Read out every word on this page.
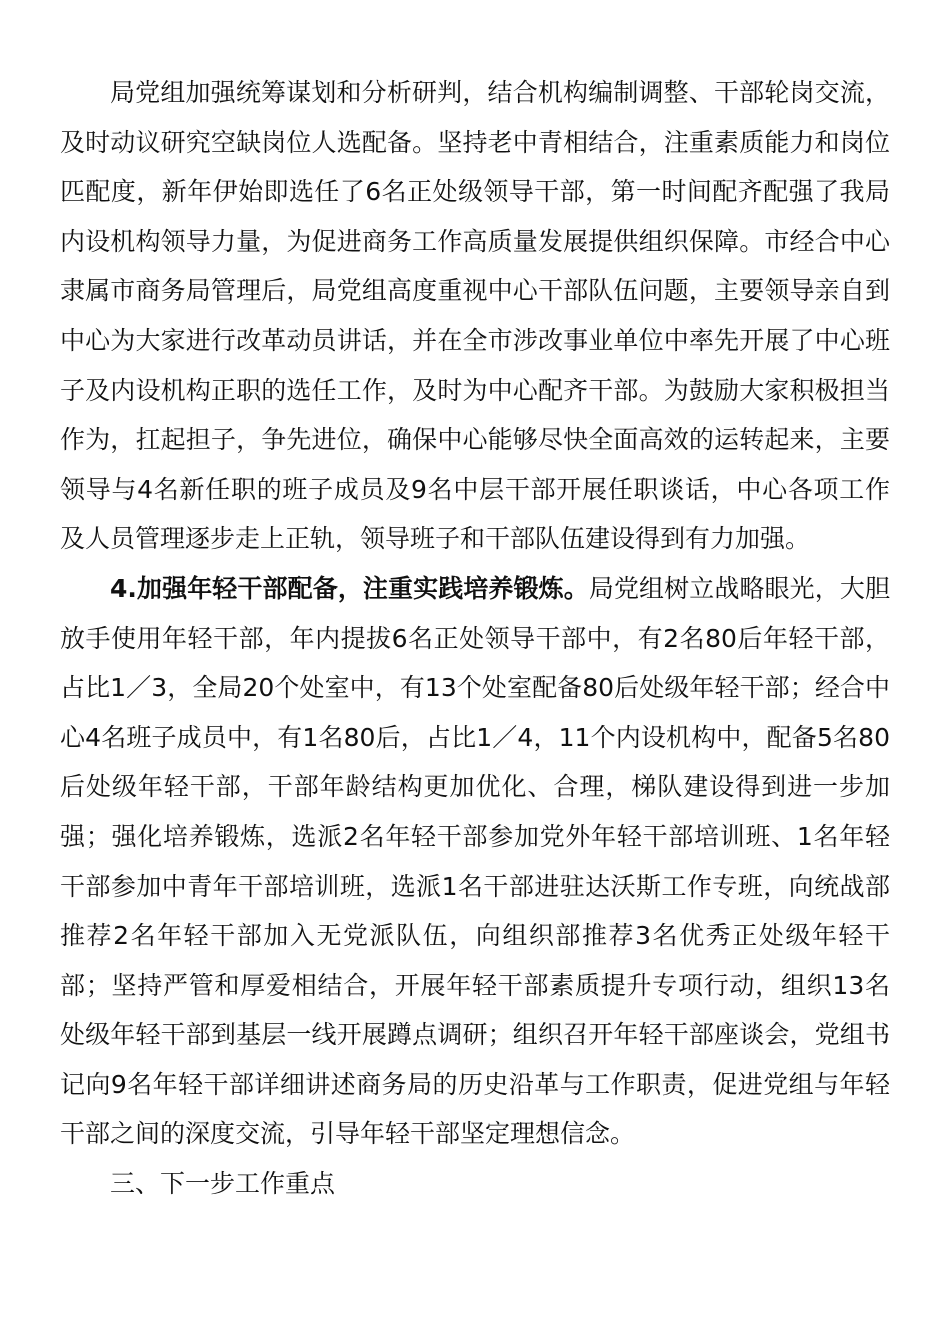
局党组加强统筹谋划和分析研判，结合机构编制调整、干部轮岗交流，及时动议研究空缺岗位人选配备。坚持老中青相结合，注重素质能力和岗位匹配度，新年伊始即选任了6名正处级领导干部，第一时间配齐配强了我局内设机构领导力量，为促进商务工作高质量发展提供组织保障。市经合中心隶属市商务局管理后，局党组高度重视中心干部队伍问题，主要领导亲自到中心为大家进行改革动员讲话，并在全市涉改事业单位中率先开展了中心班子及内设机构正职的选任工作，及时为中心配齐干部。为鼓励大家积极担当作为，扛起担子，争先进位，确保中心能够尽快全面高效的运转起来，主要领导与4名新任职的班子成员及9名中层干部开展任职谈话，中心各项工作及人员管理逐步走上正轨，领导班子和干部队伍建设得到有力加强。

4.加强年轻干部配备，注重实践培养锻炼。局党组树立战略眼光，大胆放手使用年轻干部，年内提拔6名正处领导干部中，有2名80后年轻干部，占比1／3，全局20个处室中，有13个处室配备80后处级年轻干部；经合中心4名班子成员中，有1名80后，占比1／4，11个内设机构中，配备5名80后处级年轻干部，干部年龄结构更加优化、合理，梯队建设得到进一步加强；强化培养锻炼，选派2名年轻干部参加党外年轻干部培训班、1名年轻干部参加中青年干部培训班，选派1名干部进驻达沃斯工作专班，向统战部推荐2名年轻干部加入无党派队伍，向组织部推荐3名优秀正处级年轻干部；坚持严管和厚爱相结合，开展年轻干部素质提升专项行动，组织13名处级年轻干部到基层一线开展蹲点调研；组织召开年轻干部座谈会，党组书记向9名年轻干部详细讲述商务局的历史沿革与工作职责，促进党组与年轻干部之间的深度交流，引导年轻干部坚定理想信念。

三、下一步工作重点
